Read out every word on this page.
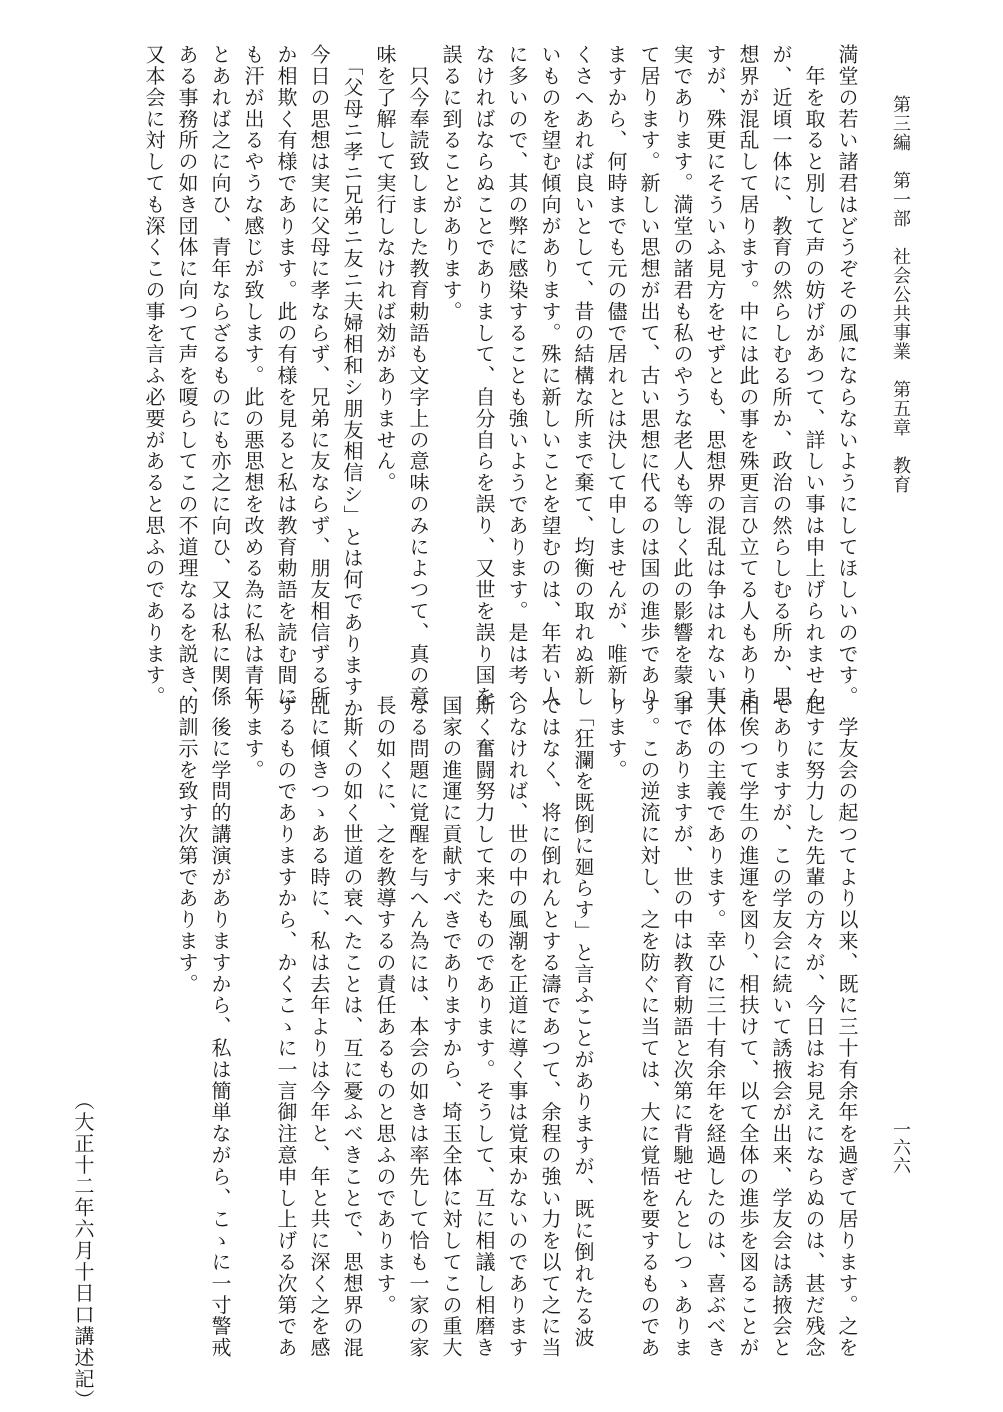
第三編　第一部　社会公共事業　第五章　教育
一六六
満堂の若い諸君はどうぞその風にならないようにしてほしいのです。
　年を取ると別して声の妨げがあつて、詳しい事は申上げられません
が、近頃一体に、教育の然らしむる所か、政治の然らしむる所か、思
想界が混乱して居ります。中には此の事を殊更言ひ立てる人もありま
すが、殊更にそういふ見方をせずとも、思想界の混乱は争はれない事
実であります。満堂の諸君も私のやうな老人も等しく此の影響を蒙つ
て居ります。新しい思想が出て、古い思想に代るのは国の進歩であり
ますから、何時までも元の儘で居れとは決して申しませんが、唯新し
くさへあれば良いとして、昔の結構な所まで棄て、均衡の取れぬ新し
いものを望む傾向があります。殊に新しいことを望むのは、年若い人
に多いので、其の弊に感染することも強いようであります。是は考へ
なければならぬことでありまして、自分自らを誤り、又世を誤り国を
誤るに到ることがあります。
　只今奉読致しました教育勅語も文字上の意味のみによつて、真の意
味を了解して実行しなければ効がありません。
　「父母ニ孝ニ兄弟ニ友ニ夫婦相和シ朋友相信シ」とは何でありますか
今日の思想は実に父母に孝ならず、兄弟に友ならず、朋友相信ずる所
か相欺く有様であります。此の有様を見ると私は教育勅語を読む間に
も汗が出るやうな感じが致します。此の悪思想を改める為に私は青年
とあれば之に向ひ、青年ならざるものにも亦之に向ひ、又は私に関係
ある事務所の如き団体に向つて声を嗄らしてこの不道理なるを説き、
又本会に対しても深くこの事を言ふ必要があると思ふのであります。
　学友会の起つてより以来、既に三十有余年を過ぎて居ります。之を
起すに努力した先輩の方々が、今日はお見えにならぬのは、甚だ残念
でありますが、この学友会に続いて誘掖会が出来、学友会は誘掖会と
相俟つて学生の進運を図り、相扶けて、以て全体の進歩を図ることが
大体の主義であります。幸ひに三十有余年を経過したのは、喜ぶべき
事でありますが、世の中は教育勅語と次第に背馳せんとしつゝありま
す。この逆流に対し、之を防ぐに当ては、大に覚悟を要するものであ
ります。
　「狂瀾を既倒に廻らす」と言ふことがありますが、既に倒れたる波
ではなく、将に倒れんとする濤であつて、余程の強い力を以て之に当
らなければ、世の中の風潮を正道に導く事は覚束かないのであります
斯く奮闘努力して来たものであります。そうして、互に相議し相磨き
国家の進運に貢献すべきでありますから、埼玉全体に対してこの重大
なる問題に覚醒を与へん為には、本会の如きは率先して恰も一家の家
長の如くに、之を教導するの責任あるものと思ふのであります。
　斯くの如く世道の衰へたことは、互に憂ふべきことで、思想界の混
乱に傾きつゝある時に、私は去年よりは今年と、年と共に深く之を感
ずるものでありますから、かくこゝに一言御注意申し上げる次第であ
ります。
　後に学問的講演がありますから、私は簡単ながら、こゝに一寸警戒
的訓示を致す次第であります。
（大正十二年六月十日口講述記）
